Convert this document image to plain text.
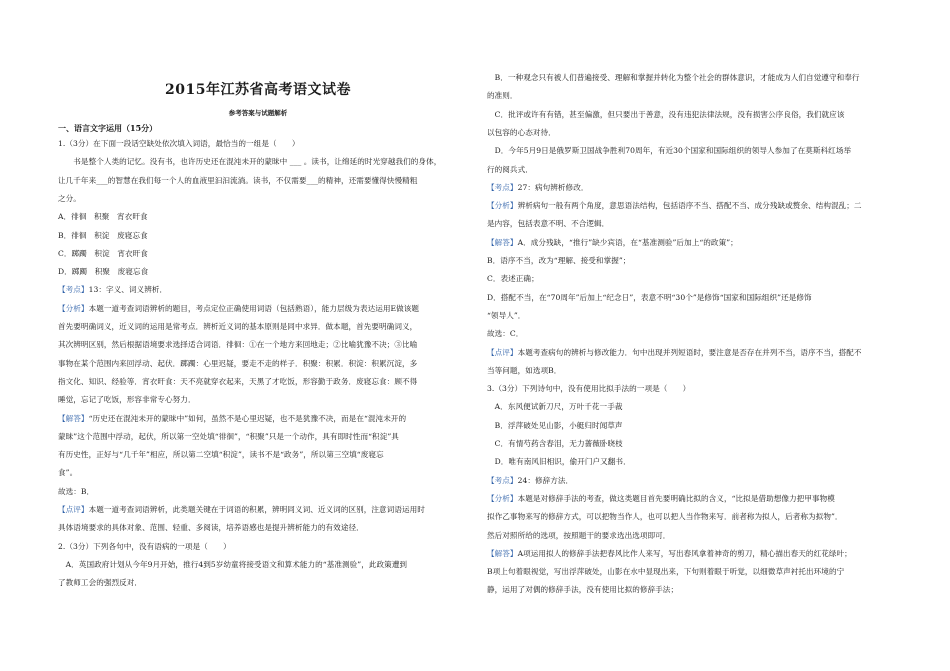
2015年江苏省高考语文试卷
参考答案与试题解析
一、语言文字运用（15分）
1.（3分）在下面一段话空缺处依次填入词语，最恰当的一组是（　　）
　　书是整个人类的记忆。没有书，也许历史还在混沌未开的蒙昧中 ___ 。读书，让绵延的时光穿越我们的身体，
让几千年来___的智慧在我们每一个人的血液里汩汩流淌。读书，不仅需要___的精神，还需要懂得快慢精粗
之分。
A．徘徊　积聚　宵衣旰食
B．徘徊　积淀　废寝忘食
C．踯躅　积淀　宵衣旰食
D．踯躅　积聚　废寝忘食
【考点】13：字义、词义辨析．
【分析】本题一道考查词语辨析的题目，考点定位正确使用词语（包括熟语），能力层级为表达运用E做该题
首先要明确词义，近义词的运用是常考点．辨析近义词的基本原则是同中求异．做本题，首先要明确词义，
其次辨明区别，然后根据语境要求选择适合词语．徘徊：①在一个地方来回地走；②比喻犹豫不决；③比喻
事物在某个范围内来回浮动、起伏．踯躅：心里迟疑，要走不走的样子．积聚：积累．积淀：积累沉淀，多
指文化、知识、经验等．宵衣旰食：天不亮就穿衣起来，天黑了才吃饭，形容勤于政务．废寝忘食：顾不得
睡觉，忘记了吃饭，形容非常专心努力．
【解答】“历史还在混沌未开的蒙昧中”如何，虽然不是心里迟疑，也不是犹豫不决，而是在“混沌未开的
蒙昧”这个范围中浮动，起伏，所以第一空处填“徘徊”，“积聚”只是一个动作，具有即时性而“积淀”具
有历史性，正好与“几千年”相应，所以第二空填“积淀”，读书不是“政务”，所以第三空填“废寝忘
食”。
故选：B．
【点评】本题一道考查词语辨析，此类题关键在于词语的积累，辨明同义词、近义词的区别，注意词语运用时
具体语境要求的具体对象、范围、轻重、多阅读，培养语感也是提升辨析能力的有效途径．
2.（3分）下列各句中，没有语病的一项是（　　）
　A．英国政府计划从今年9月开始，推行4到5岁幼童将接受语文和算术能力的“基准测验”，此政策遭到
了教师工会的强烈反对．
　B．一种观念只有被人们普遍接受、理解和掌握并转化为整个社会的群体意识，才能成为人们自觉遵守和奉行
的准则．
　C．批评或许有有错，甚至偏激，但只要出于善意，没有违犯法律法规，没有损害公序良俗，我们就应该
以包容的心态对待．
　D．今年5月9日是俄罗斯卫国战争胜利70周年，有近30个国家和国际组织的领导人参加了在莫斯科红场举
行的阅兵式．
【考点】27：病句辨析修改．
【分析】辨析病句一般有两个角度，意思语法结构，包括语序不当、搭配不当、成分残缺或赘余、结构混乱；二
是内容，包括表意不明、不合逻辑．
【解答】A．成分残缺，“推行”缺少宾语，在“基准测验”后加上“的政策”；
B．语序不当，改为“理解、接受和掌握”；
C．表述正确；
D．搭配不当，在“70周年”后加上“纪念日”，表意不明“30个”是修饰“国家和国际组织”还是修饰
“领导人”．
故选：C．
【点评】本题考查病句的辨析与修改能力．句中出现并列短语时，要注意是否存在并列不当，语序不当，搭配不
当等问题，如选项B．
3.（3分）下列诗句中，没有使用比拟手法的一项是（　　）
　A．东风便试新刀尺，万叶千花一手裁
　B．浮萍破处见山影，小艇归时闻草声
　C．有情芍药含春泪，无力蔷薇卧晓枝
　D．唯有南风旧相识，偷开门户又翻书．
【考点】24：修辞方法．
【分析】本题是对修辞手法的考查，做这类题目首先要明确比拟的含义，“比拟是借助想像力把甲事物模
拟作乙事物来写的修辞方式，可以把物当作人，也可以把人当作物来写．前者称为拟人，后者称为拟物”．
然后对照所给的选项，按照题干的要求选出选项即可．
【解答】A项运用拟人的修辞手法把春风比作人来写，写出春风拿着神奇的剪刀，精心描出春天的红花绿叶；
B项上句着眼视觉，写出浮萍破处，山影在水中显现出来，下句则着眼于听觉，以细微草声衬托出环境的宁
静，运用了对偶的修辞手法，没有使用比拟的修辞手法；
